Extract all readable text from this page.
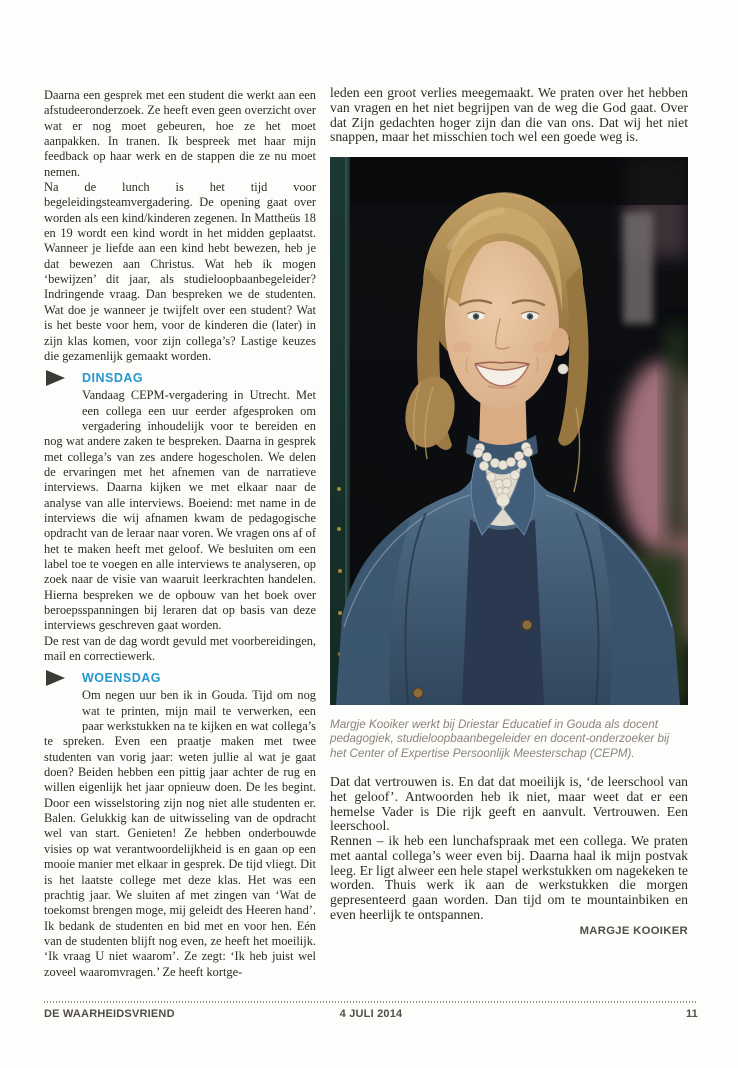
Daarna een gesprek met een student die werkt aan een afstudeeronderzoek. Ze heeft even geen overzicht over wat er nog moet gebeuren, hoe ze het moet aanpakken. In tranen. Ik bespreek met haar mijn feedback op haar werk en de stappen die ze nu moet nemen.

Na de lunch is het tijd voor begeleidingsteamvergadering. De opening gaat over worden als een kind/kinderen zegenen. In Mattheüs 18 en 19 wordt een kind wordt in het midden geplaatst. Wanneer je liefde aan een kind hebt bewezen, heb je dat bewezen aan Christus. Wat heb ik mogen ‘bewijzen’ dit jaar, als studieloopbaanbegeleider? Indringende vraag. Dan bespreken we de studenten. Wat doe je wanneer je twijfelt over een student? Wat is het beste voor hem, voor de kinderen die (later) in zijn klas komen, voor zijn collega’s? Lastige keuzes die gezamenlijk gemaakt worden.

DINSDAG

Vandaag CEPM-vergadering in Utrecht. Met een collega een uur eerder afgesproken om vergadering inhoudelijk voor te bereiden en nog wat andere zaken te bespreken. Daarna in gesprek met collega’s van zes andere hogescholen. We delen de ervaringen met het afnemen van de narratieve interviews. Daarna kijken we met elkaar naar de analyse van alle interviews. Boeiend: met name in de interviews die wij afnamen kwam de pedagogische opdracht van de leraar naar voren. We vragen ons af of het te maken heeft met geloof. We besluiten om een label toe te voegen en alle interviews te analyseren, op zoek naar de visie van waaruit leerkrachten handelen. Hierna bespreken we de opbouw van het boek over beroepsspanningen bij leraren dat op basis van deze interviews geschreven gaat worden.

De rest van de dag wordt gevuld met voorbereidingen, mail en correctiewerk.

WOENSDAG

Om negen uur ben ik in Gouda. Tijd om nog wat te printen, mijn mail te verwerken, een paar werkstukken na te kijken en wat collega’s te spreken. Even een praatje maken met twee studenten van vorig jaar: weten jullie al wat je gaat doen? Beiden hebben een pittig jaar achter de rug en willen eigenlijk het jaar opnieuw doen. De les begint. Door een wisselstoring zijn nog niet alle studenten er. Balen. Gelukkig kan de uitwisseling van de opdracht wel van start. Genieten! Ze hebben onderbouwde visies op wat verantwoordelijkheid is en gaan op een mooie manier met elkaar in gesprek. De tijd vliegt. Dit is het laatste college met deze klas. Het was een prachtig jaar. We sluiten af met zingen van ‘Wat de toekomst brengen moge, mij geleidt des Heeren hand’. Ik bedank de studenten en bid met en voor hen. Eén van de studenten blijft nog even, ze heeft het moeilijk. ‘Ik vraag U niet waarom’. Ze zegt: ‘Ik heb juist wel zoveel waaromvragen.’ Ze heeft kortge-

leden een groot verlies meegemaakt. We praten over het hebben van vragen en het niet begrijpen van de weg die God gaat. Over dat Zijn gedachten hoger zijn dan die van ons. Dat wij het niet snappen, maar het misschien toch wel een goede weg is.

Margje Kooiker werkt bij Driestar Educatief in Gouda als docent pedagogiek, studieloopbaanbegeleider en docent-onderzoeker bij het Center of Expertise Persoonlijk Meesterschap (CEPM).

Dat dat vertrouwen is. En dat dat moeilijk is, ‘de leerschool van het geloof’. Antwoorden heb ik niet, maar weet dat er een hemelse Vader is Die rijk geeft en aanvult. Vertrouwen. Een leerschool.

Rennen – ik heb een lunchafspraak met een collega. We praten met aantal collega’s weer even bij. Daarna haal ik mijn postvak leeg. Er ligt alweer een hele stapel werkstukken om nagekeken te worden. Thuis werk ik aan de werkstukken die morgen gepresenteerd gaan worden. Dan tijd om te mountainbiken en even heerlijk te ontspannen.

MARGJE KOOIKER

DE WAARHEIDSVRIEND	4 JULI 2014	11
